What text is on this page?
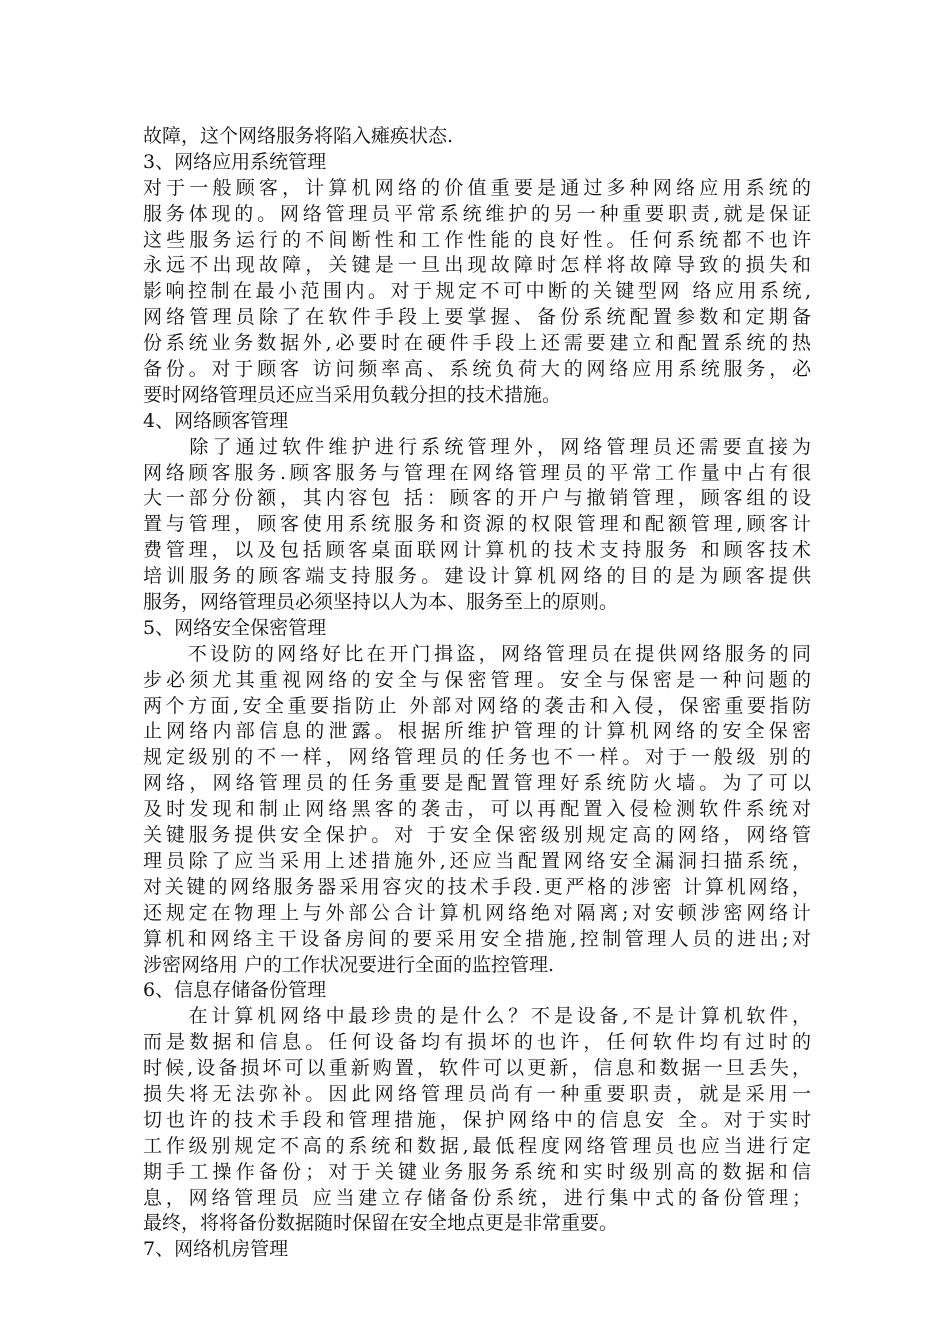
故障，这个网络服务将陷入瘫痪状态.
3、网络应用系统管理
对于一般顾客，计算机网络的价值重要是通过多种网络应用系统的
服务体现的。网络管理员平常系统维护的另一种重要职责,就是保证
这些服务运行的不间断性和工作性能的良好性。任何系统都不也许
永远不出现故障，关键是一旦出现故障时怎样将故障导致的损失和
影响控制在最小范围内。对于规定不可中断的关键型网 络应用系统,
网络管理员除了在软件手段上要掌握、备份系统配置参数和定期备
份系统业务数据外,必要时在硬件手段上还需要建立和配置系统的热
备份。对于顾客 访问频率高、系统负荷大的网络应用系统服务，必
要时网络管理员还应当采用负载分担的技术措施。
4、网络顾客管理
　　除了通过软件维护进行系统管理外，网络管理员还需要直接为
网络顾客服务.顾客服务与管理在网络管理员的平常工作量中占有很
大一部分份额，其内容包 括：顾客的开户与撤销管理，顾客组的设
置与管理，顾客使用系统服务和资源的权限管理和配额管理,顾客计
费管理，以及包括顾客桌面联网计算机的技术支持服务 和顾客技术
培训服务的顾客端支持服务。建设计算机网络的目的是为顾客提供
服务，网络管理员必须坚持以人为本、服务至上的原则。
5、网络安全保密管理
　　不设防的网络好比在开门揖盗，网络管理员在提供网络服务的同
步必须尤其重视网络的安全与保密管理。安全与保密是一种问题的
两个方面,安全重要指防止 外部对网络的袭击和入侵，保密重要指防
止网络内部信息的泄露。根据所维护管理的计算机网络的安全保密
规定级别的不一样，网络管理员的任务也不一样。对于一般级 别的
网络，网络管理员的任务重要是配置管理好系统防火墙。为了可以
及时发现和制止网络黑客的袭击，可以再配置入侵检测软件系统对
关键服务提供安全保护。对 于安全保密级别规定高的网络，网络管
理员除了应当采用上述措施外,还应当配置网络安全漏洞扫描系统，
对关键的网络服务器采用容灾的技术手段.更严格的涉密 计算机网络，
还规定在物理上与外部公合计算机网络绝对隔离;对安顿涉密网络计
算机和网络主干设备房间的要采用安全措施,控制管理人员的进出;对
涉密网络用 户的工作状况要进行全面的监控管理.
6、信息存储备份管理
　　在计算机网络中最珍贵的是什么？不是设备,不是计算机软件，
而是数据和信息。任何设备均有损坏的也许，任何软件均有过时的
时候,设备损坏可以重新购置，软件可以更新，信息和数据一旦丢失，
损失将无法弥补。因此网络管理员尚有一种重要职责，就是采用一
切也许的技术手段和管理措施，保护网络中的信息安 全。对于实时
工作级别规定不高的系统和数据,最低程度网络管理员也应当进行定
期手工操作备份；对于关键业务服务系统和实时级别高的数据和信
息，网络管理员 应当建立存储备份系统，进行集中式的备份管理；
最终，将将备份数据随时保留在安全地点更是非常重要。
7、网络机房管理
